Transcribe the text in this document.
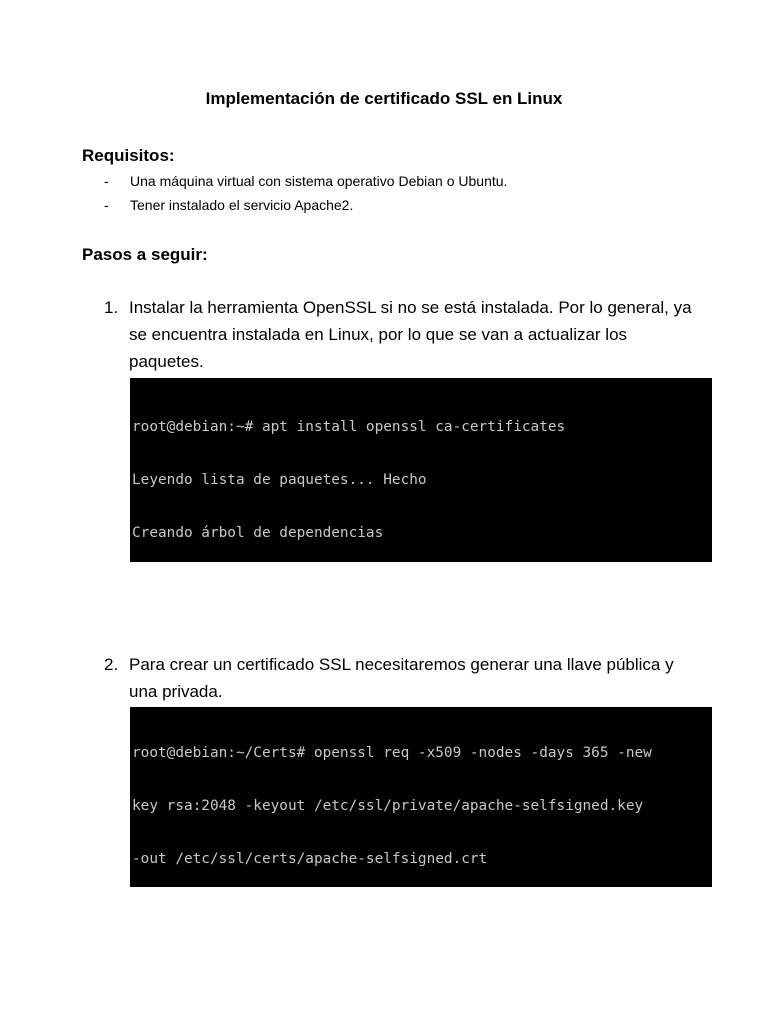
Implementación de certificado SSL en Linux
Requisitos:
-	Una máquina virtual con sistema operativo Debian o Ubuntu.
-	Tener instalado el servicio Apache2.
Pasos a seguir:
1. Instalar la herramienta OpenSSL si no se está instalada. Por lo general, ya se encuentra instalada en Linux, por lo que se van a actualizar los paquetes.

root@debian:~# apt install openssl ca-certificates

Leyendo lista de paquetes... Hecho

Creando árbol de dependencias

2. Para crear un certificado SSL necesitaremos generar una llave pública y una privada.

root@debian:~/Certs# openssl req -x509 -nodes -days 365 -new

key rsa:2048 -keyout /etc/ssl/private/apache-selfsigned.key

-out /etc/ssl/certs/apache-selfsigned.crt
